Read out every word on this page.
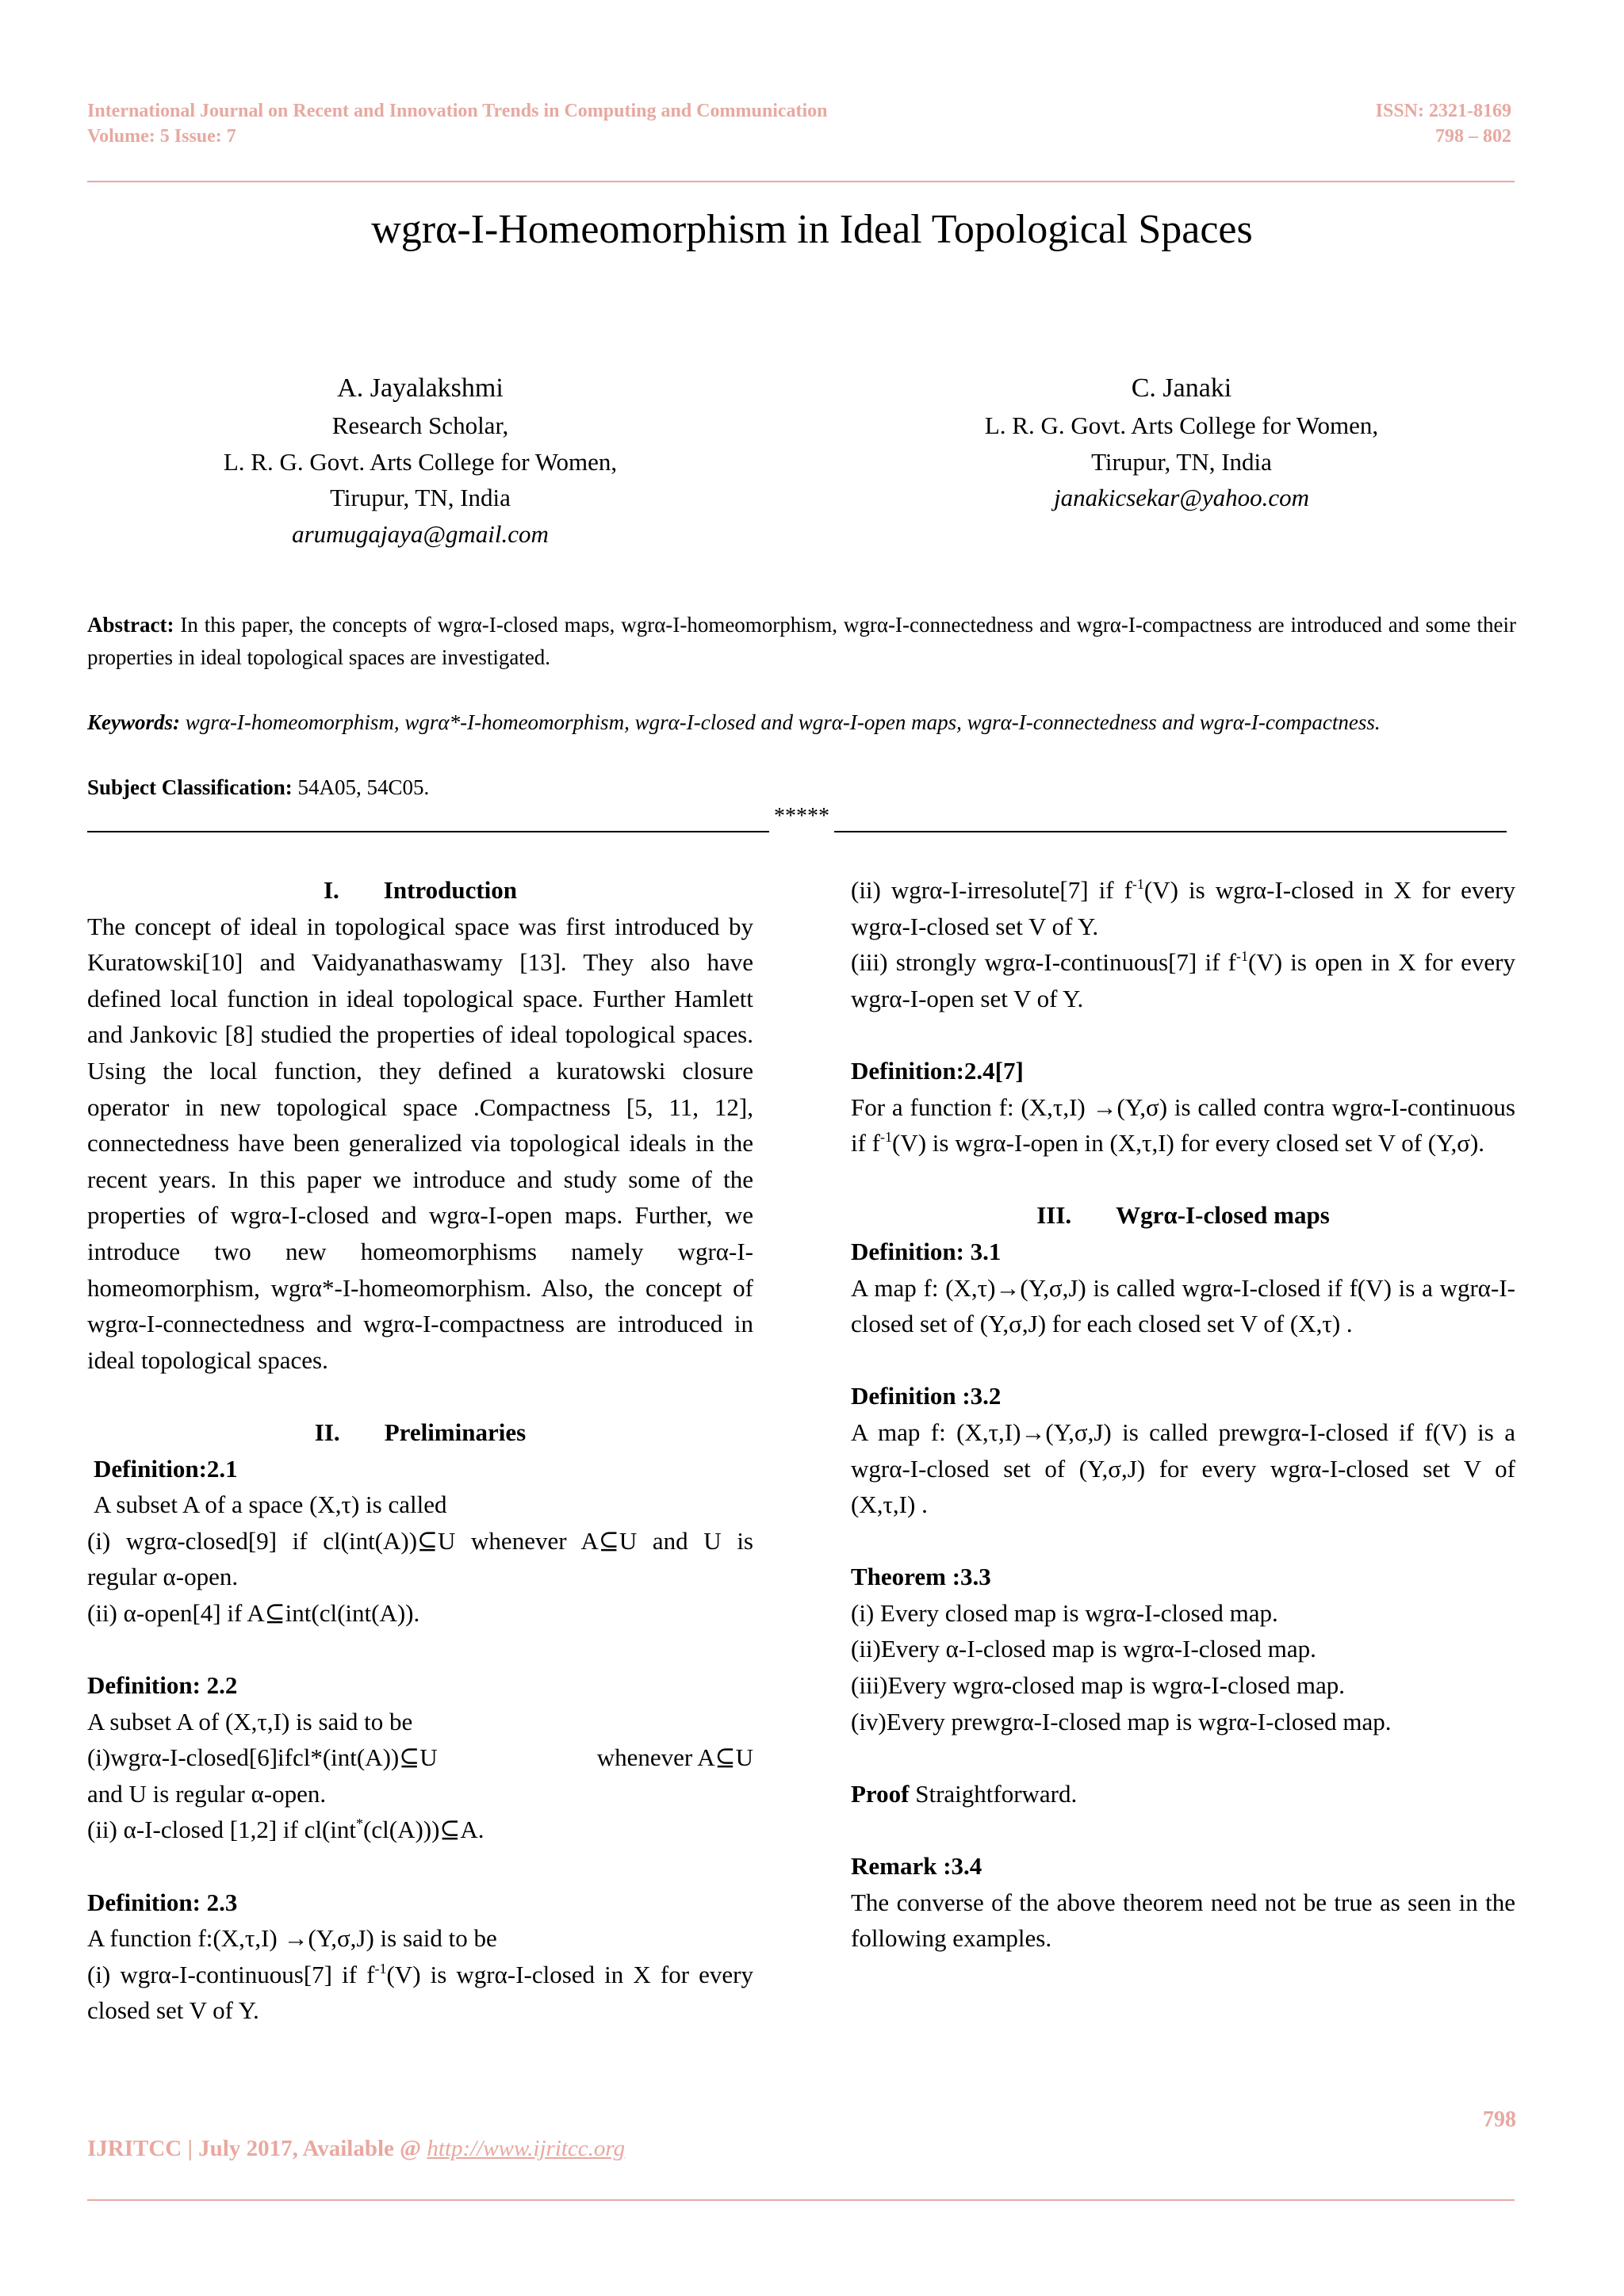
International Journal on Recent and Innovation Trends in Computing and Communication
Volume: 5 Issue: 7
ISSN: 2321-8169
798 – 802
wgrα-I-Homeomorphism in Ideal Topological Spaces
A. Jayalakshmi
Research Scholar,
L. R. G. Govt. Arts College for Women,
Tirupur, TN, India
arumugajaya@gmail.com
C. Janaki
L. R. G. Govt. Arts College for Women,
Tirupur, TN, India
janakicsekar@yahoo.com
Abstract: In this paper, the concepts of wgrα-I-closed maps, wgrα-I-homeomorphism, wgrα-I-connectedness and wgrα-I-compactness are introduced and some their properties in ideal topological spaces are investigated.
Keywords: wgrα-I-homeomorphism, wgrα*-I-homeomorphism, wgrα-I-closed and wgrα-I-open maps, wgrα-I-connectedness and wgrα-I-compactness.
Subject Classification: 54A05, 54C05.
*****

I. Introduction

The concept of ideal in topological space was first introduced by Kuratowski[10] and Vaidyanathaswamy [13]. They also have defined local function in ideal topological space. Further Hamlett and Jankovic [8] studied the properties of ideal topological spaces. Using the local function, they defined a kuratowski closure operator in new topological space .Compactness [5, 11, 12], connectedness have been generalized via topological ideals in the recent years. In this paper we introduce and study some of the properties of wgrα-I-closed and wgrα-I-open maps. Further, we introduce two new homeomorphisms namely wgrα-I-homeomorphism, wgrα*-I-homeomorphism. Also, the concept of wgrα-I-connectedness and wgrα-I-compactness are introduced in ideal topological spaces.

II. Preliminaries

Definition:2.1

A subset A of a space (X,τ) is called

(i) wgrα-closed[9] if cl(int(A))⊆U whenever A⊆U and U is regular α-open.

(ii) α-open[4] if A⊆int(cl(int(A)).

Definition: 2.2

A subset A of (X,τ,I) is said to be

(i)wgrα-I-closed[6]ifcl*(int(A))⊆U	whenever A⊆U

and U is regular α-open.

(ii) α-I-closed [1,2] if cl(int*(cl(A)))⊆A.

Definition: 2.3

A function f:(X,τ,I) →(Y,σ,J) is said to be

(i) wgrα-I-continuous[7] if $f^{-1}(V)$ is wgrα-I-closed in X for every closed set V of Y.

(ii) wgrα-I-irresolute[7] if $f^{-1}(V)$ is wgrα-I-closed in X for every wgrα-I-closed set V of Y.

(iii) strongly wgrα-I-continuous[7] if $f^{-1}(V)$ is open in X for every wgrα-I-open set V of Y.

Definition:2.4[7]

For a function f: (X,τ,I) →(Y,σ) is called contra wgrα-I-continuous if $f^{-1}(V)$ is wgrα-I-open in (X,τ,I) for every closed set V of (Y,σ).

III. Wgrα-I-closed maps

Definition: 3.1

A map f: (X,τ)→(Y,σ,J) is called wgrα-I-closed if f(V) is a wgrα-I-closed set of (Y,σ,J) for each closed set V of (X,τ) .

Definition :3.2

A map f: (X,τ,I)→(Y,σ,J) is called prewgrα-I-closed if f(V) is a wgrα-I-closed set of (Y,σ,J) for every wgrα-I-closed set V of (X,τ,I) .

Theorem :3.3

(i) Every closed map is wgrα-I-closed map.

(ii)Every α-I-closed map is wgrα-I-closed map.

(iii)Every wgrα-closed map is wgrα-I-closed map.

(iv)Every prewgrα-I-closed map is wgrα-I-closed map.

Proof Straightforward.

Remark :3.4

The converse of the above theorem need not be true as seen in the following examples.

798
IJRITCC | July 2017, Available @ http://www.ijritcc.org
